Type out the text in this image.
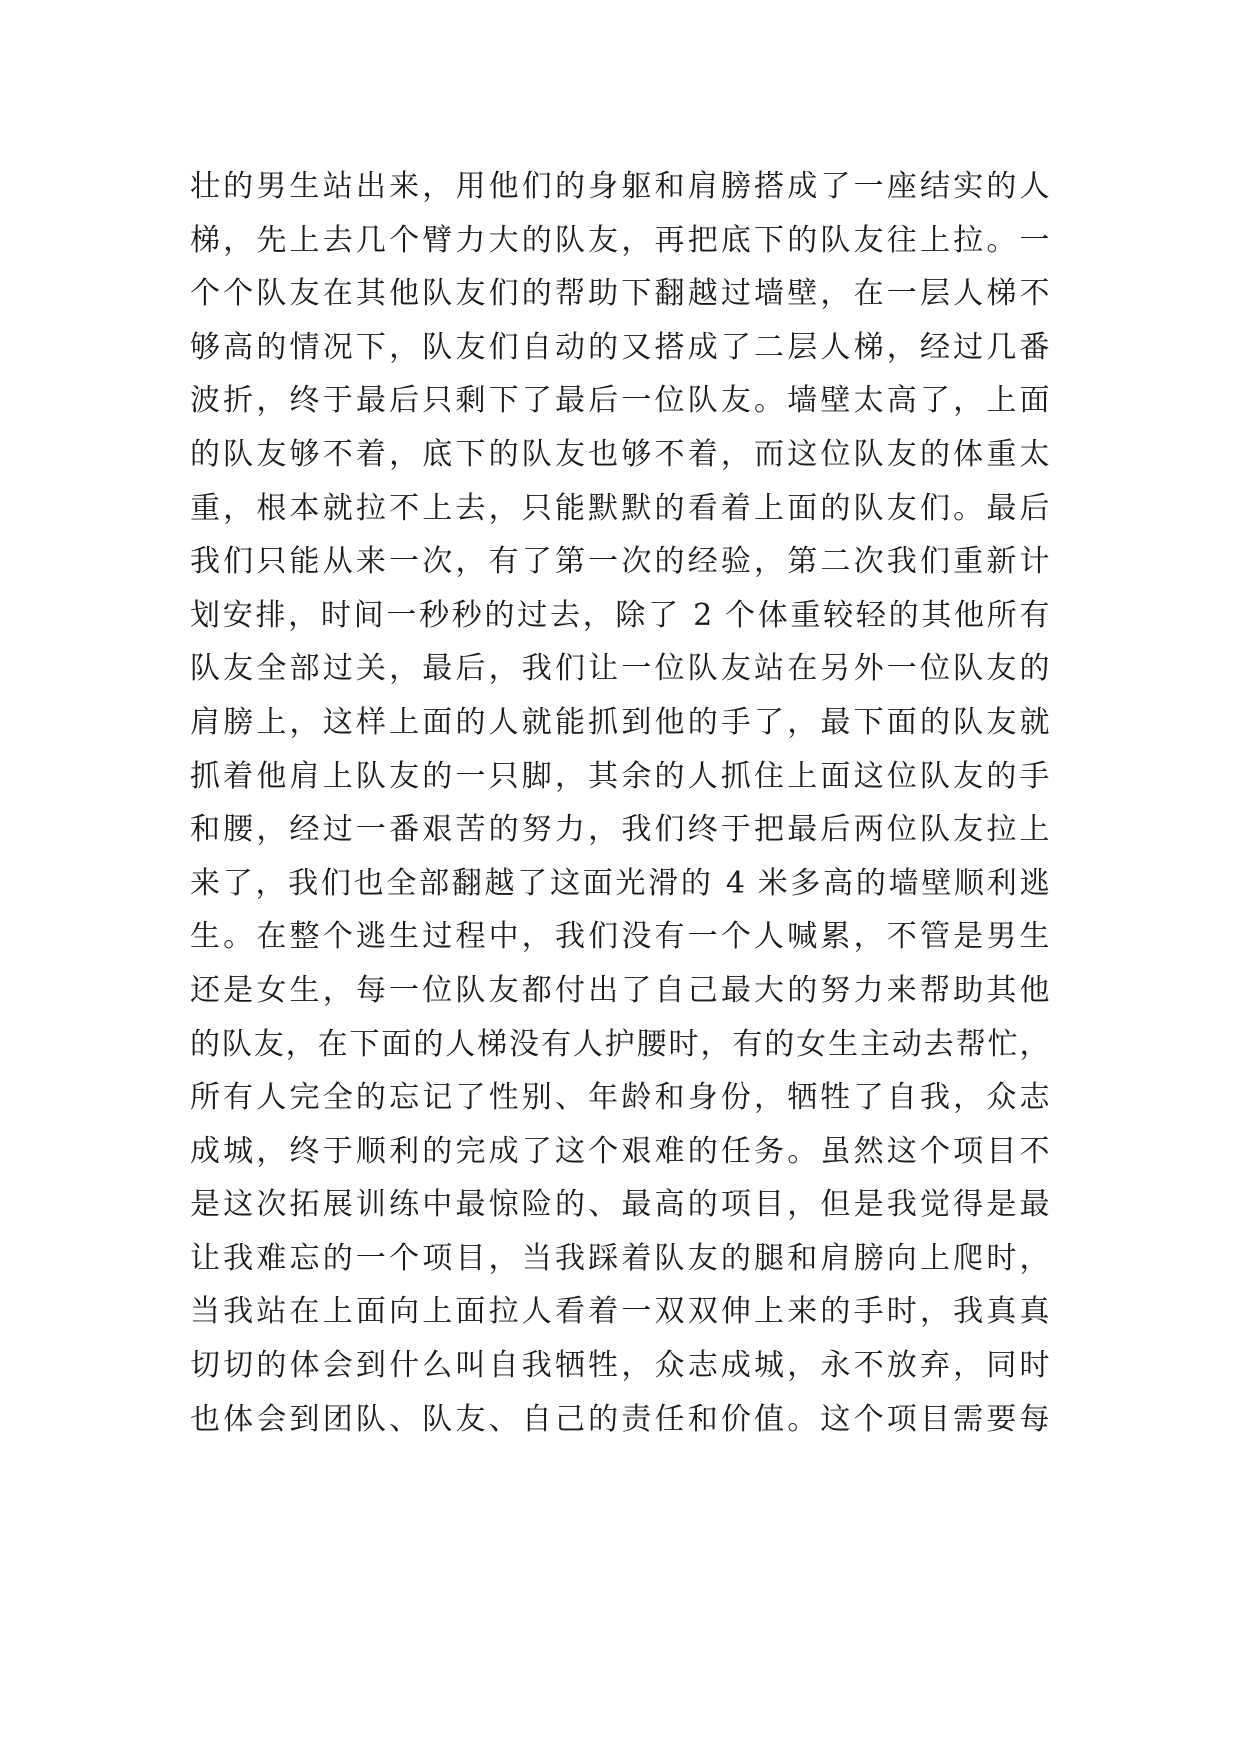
壮的男生站出来，用他们的身躯和肩膀搭成了一座结实的人
梯，先上去几个臂力大的队友，再把底下的队友往上拉。一
个个队友在其他队友们的帮助下翻越过墙壁，在一层人梯不
够高的情况下，队友们自动的又搭成了二层人梯，经过几番
波折，终于最后只剩下了最后一位队友。墙壁太高了，上面
的队友够不着，底下的队友也够不着，而这位队友的体重太
重，根本就拉不上去，只能默默的看着上面的队友们。最后
我们只能从来一次，有了第一次的经验，第二次我们重新计
划安排，时间一秒秒的过去，除了 2 个体重较轻的其他所有
队友全部过关，最后，我们让一位队友站在另外一位队友的
肩膀上，这样上面的人就能抓到他的手了，最下面的队友就
抓着他肩上队友的一只脚，其余的人抓住上面这位队友的手
和腰，经过一番艰苦的努力，我们终于把最后两位队友拉上
来了，我们也全部翻越了这面光滑的 4 米多高的墙壁顺利逃
生。在整个逃生过程中，我们没有一个人喊累，不管是男生
还是女生，每一位队友都付出了自己最大的努力来帮助其他
的队友，在下面的人梯没有人护腰时，有的女生主动去帮忙，
所有人完全的忘记了性别、年龄和身份，牺牲了自我，众志
成城，终于顺利的完成了这个艰难的任务。虽然这个项目不
是这次拓展训练中最惊险的、最高的项目，但是我觉得是最
让我难忘的一个项目，当我踩着队友的腿和肩膀向上爬时，
当我站在上面向上面拉人看着一双双伸上来的手时，我真真
切切的体会到什么叫自我牺牲，众志成城，永不放弃，同时
也体会到团队、队友、自己的责任和价值。这个项目需要每
